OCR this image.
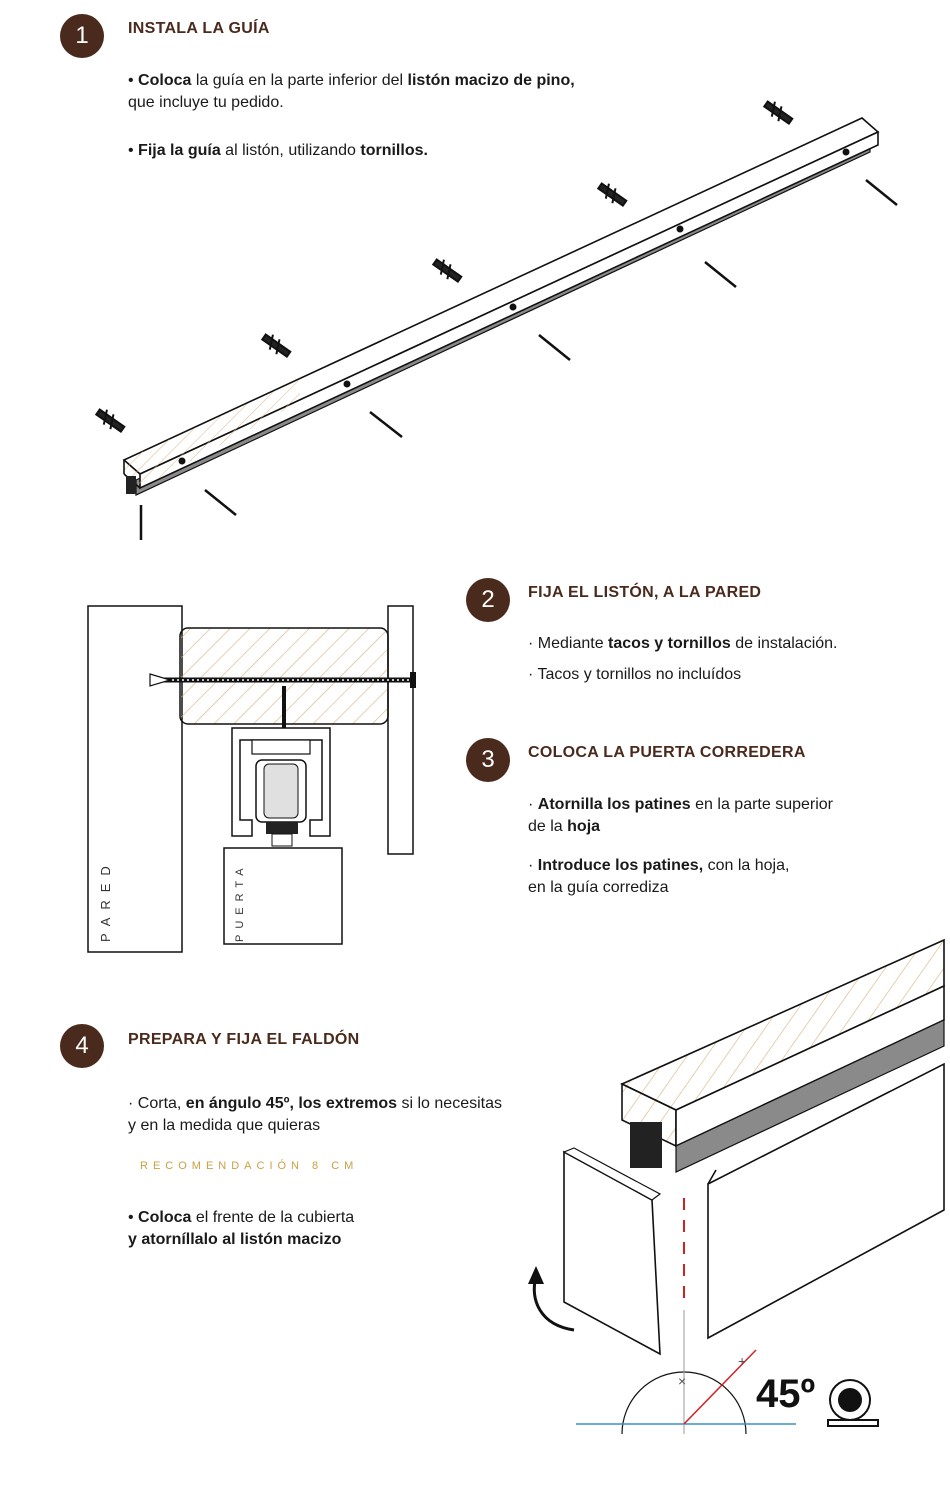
1	INSTALA LA GUÍA
• Coloca la guía en la parte inferior del listón macizo de pino,
que incluye tu pedido.
• Fija la guía al listón, utilizando tornillos.
PARED	PUERTA
2	FIJA EL LISTÓN, A LA PARED
· Mediante tacos y tornillos de instalación.
· Tacos y tornillos no incluídos
3	COLOCA LA PUERTA CORREDERA
· Atornilla los patines en la parte superior
de la hoja
· Introduce los patines, con la hoja,
en la guía corrediza
4	PREPARA Y FIJA EL FALDÓN
· Corta, en ángulo 45º, los extremos si lo necesitas
y en la medida que quieras
RECOMENDACIÓN 8 CM
• Coloca el frente de la cubierta
y atorníllalo al listón macizo
×
+
45º
